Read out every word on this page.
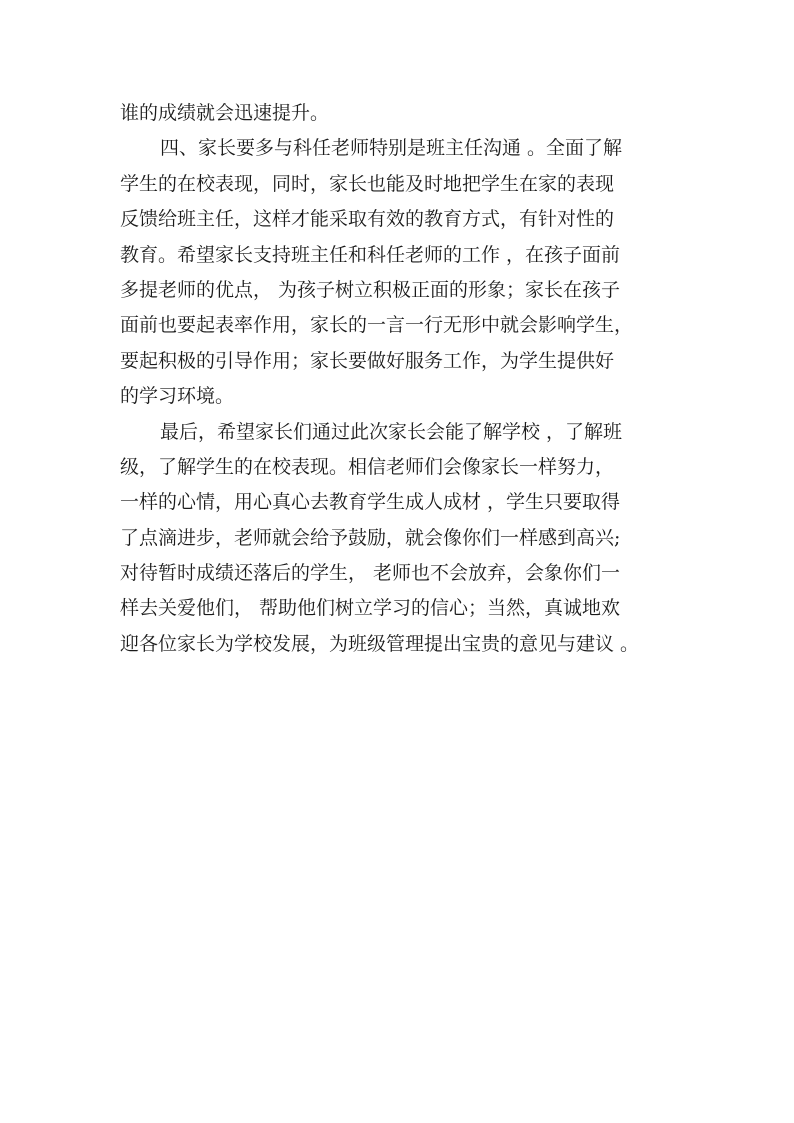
谁的成绩就会迅速提升。

四、家长要多与科任老师特别是班主任沟通 。全面了解

学生的在校表现，同时，家长也能及时地把学生在家的表现

反馈给班主任，这样才能采取有效的教育方式，有针对性的

教育。希望家长支持班主任和科任老师的工作 ，在孩子面前

多提老师的优点， 为孩子树立积极正面的形象；家长在孩子

面前也要起表率作用，家长的一言一行无形中就会影响学生，

要起积极的引导作用；家长要做好服务工作，为学生提供好

的学习环境。

最后，希望家长们通过此次家长会能了解学校 ，了解班

级，了解学生的在校表现。相信老师们会像家长一样努力，

一样的心情，用心真心去教育学生成人成材 ，学生只要取得

了点滴进步，老师就会给予鼓励，就会像你们一样感到高兴;

对待暂时成绩还落后的学生， 老师也不会放弃，会象你们一

样去关爱他们， 帮助他们树立学习的信心；当然，真诚地欢

迎各位家长为学校发展，为班级管理提出宝贵的意见与建议 。
